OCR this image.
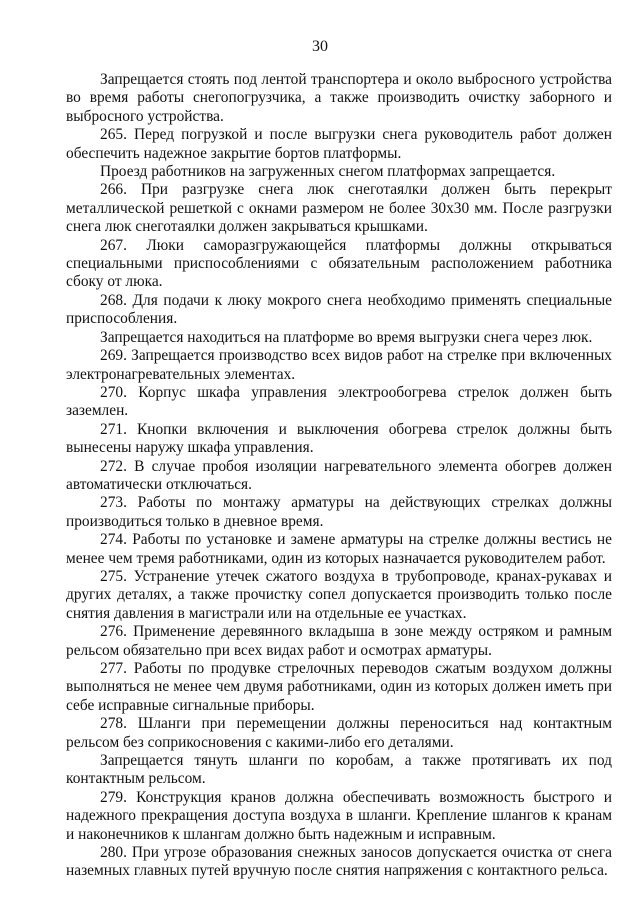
30

Запрещается стоять под лентой транспортера и около выбросного устройства во время работы снегопогрузчика, а также производить очистку заборного и выбросного устройства.

265. Перед погрузкой и после выгрузки снега руководитель работ должен обеспечить надежное закрытие бортов платформы.

Проезд работников на загруженных снегом платформах запрещается.

266. При разгрузке снега люк снеготаялки должен быть перекрыт металлической решеткой с окнами размером не более 30x30 мм. После разгрузки снега люк снеготаялки должен закрываться крышками.

267. Люки саморазгружающейся платформы должны открываться специальными приспособлениями с обязательным расположением работника сбоку от люка.

268. Для подачи к люку мокрого снега необходимо применять специальные приспособления.

Запрещается находиться на платформе во время выгрузки снега через люк.

269. Запрещается производство всех видов работ на стрелке при включенных электронагревательных элементах.

270. Корпус шкафа управления электрообогрева стрелок должен быть заземлен.

271. Кнопки включения и выключения обогрева стрелок должны быть вынесены наружу шкафа управления.

272. В случае пробоя изоляции нагревательного элемента обогрев должен автоматически отключаться.

273. Работы по монтажу арматуры на действующих стрелках должны производиться только в дневное время.

274. Работы по установке и замене арматуры на стрелке должны вестись не менее чем тремя работниками, один из которых назначается руководителем работ.

275. Устранение утечек сжатого воздуха в трубопроводе, кранах-рукавах и других деталях, а также прочистку сопел допускается производить только после снятия давления в магистрали или на отдельные ее участках.

276. Применение деревянного вкладыша в зоне между остряком и рамным рельсом обязательно при всех видах работ и осмотрах арматуры.

277. Работы по продувке стрелочных переводов сжатым воздухом должны выполняться не менее чем двумя работниками, один из которых должен иметь при себе исправные сигнальные приборы.

278. Шланги при перемещении должны переноситься над контактным рельсом без соприкосновения с какими-либо его деталями.

Запрещается тянуть шланги по коробам, а также протягивать их под контактным рельсом.

279. Конструкция кранов должна обеспечивать возможность быстрого и надежного прекращения доступа воздуха в шланги. Крепление шлангов к кранам и наконечников к шлангам должно быть надежным и исправным.

280. При угрозе образования снежных заносов допускается очистка от снега наземных главных путей вручную после снятия напряжения с контактного рельса.
